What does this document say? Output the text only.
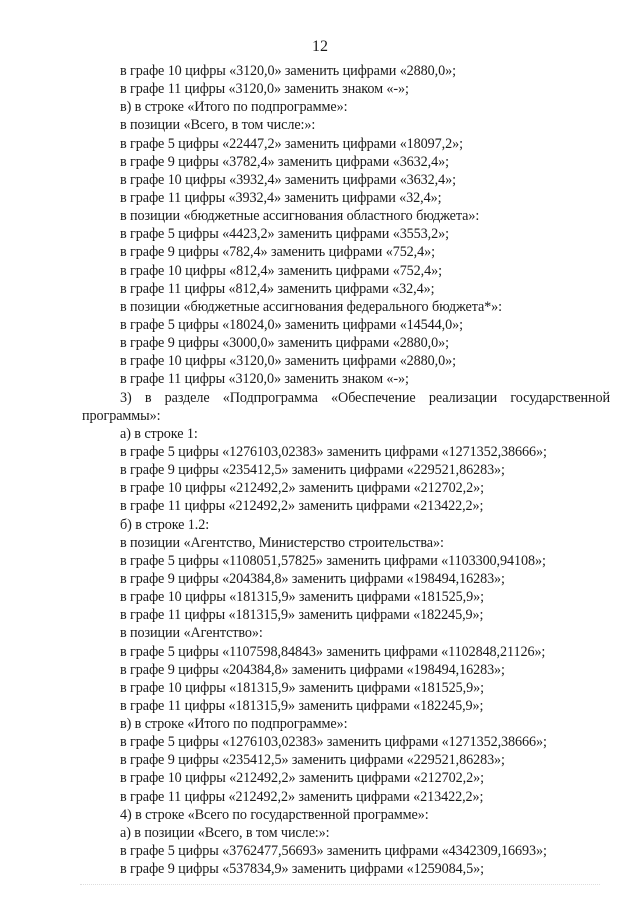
12
в графе 10 цифры «3120,0» заменить цифрами «2880,0»;
в графе 11 цифры «3120,0» заменить знаком «-»;
в) в строке «Итого по подпрограмме»:
в позиции «Всего, в том числе:»:
в графе 5 цифры «22447,2» заменить цифрами «18097,2»;
в графе 9 цифры «3782,4» заменить цифрами «3632,4»;
в графе 10 цифры «3932,4» заменить цифрами «3632,4»;
в графе 11 цифры «3932,4» заменить цифрами «32,4»;
в позиции «бюджетные ассигнования областного бюджета»:
в графе 5 цифры «4423,2» заменить цифрами «3553,2»;
в графе 9 цифры «782,4» заменить цифрами «752,4»;
в графе 10 цифры «812,4» заменить цифрами «752,4»;
в графе 11 цифры «812,4» заменить цифрами «32,4»;
в позиции «бюджетные ассигнования федерального бюджета*»:
в графе 5 цифры «18024,0» заменить цифрами «14544,0»;
в графе 9 цифры «3000,0» заменить цифрами «2880,0»;
в графе 10 цифры «3120,0» заменить цифрами «2880,0»;
в графе 11 цифры «3120,0» заменить знаком «-»;
3) в разделе «Подпрограмма «Обеспечение реализации государственной
программы»:
а) в строке 1:
в графе 5 цифры «1276103,02383» заменить цифрами «1271352,38666»;
в графе 9 цифры «235412,5» заменить цифрами «229521,86283»;
в графе 10 цифры «212492,2» заменить цифрами «212702,2»;
в графе 11 цифры «212492,2» заменить цифрами «213422,2»;
б) в строке 1.2:
в позиции «Агентство, Министерство строительства»:
в графе 5 цифры «1108051,57825» заменить цифрами «1103300,94108»;
в графе 9 цифры «204384,8» заменить цифрами «198494,16283»;
в графе 10 цифры «181315,9» заменить цифрами «181525,9»;
в графе 11 цифры «181315,9» заменить цифрами «182245,9»;
в позиции «Агентство»:
в графе 5 цифры «1107598,84843» заменить цифрами «1102848,21126»;
в графе 9 цифры «204384,8» заменить цифрами «198494,16283»;
в графе 10 цифры «181315,9» заменить цифрами «181525,9»;
в графе 11 цифры «181315,9» заменить цифрами «182245,9»;
в) в строке «Итого по подпрограмме»:
в графе 5 цифры «1276103,02383» заменить цифрами «1271352,38666»;
в графе 9 цифры «235412,5» заменить цифрами «229521,86283»;
в графе 10 цифры «212492,2» заменить цифрами «212702,2»;
в графе 11 цифры «212492,2» заменить цифрами «213422,2»;
4) в строке «Всего по государственной программе»:
а) в позиции «Всего, в том числе:»:
в графе 5 цифры «3762477,56693» заменить цифрами «4342309,16693»;
в графе 9 цифры «537834,9» заменить цифрами «1259084,5»;
